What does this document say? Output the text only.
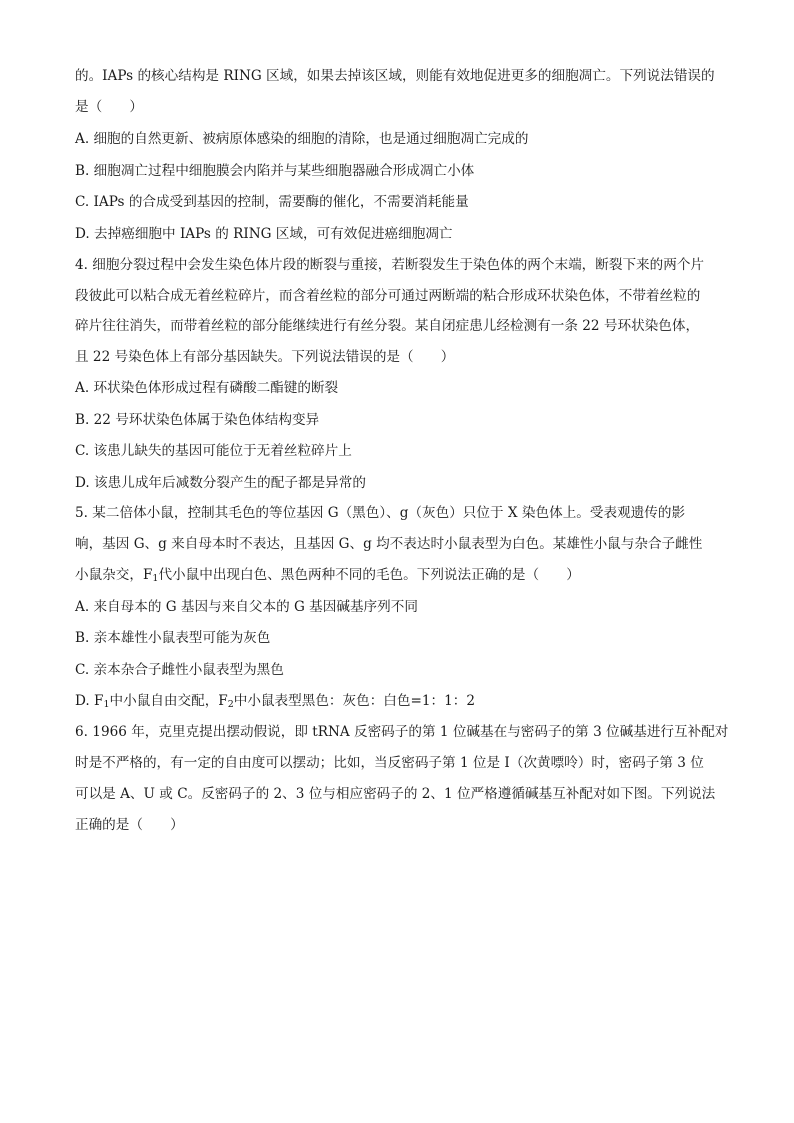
的。IAPs 的核心结构是 RING 区域，如果去掉该区域，则能有效地促进更多的细胞凋亡。下列说法错误的
是（　　）
A. 细胞的自然更新、被病原体感染的细胞的清除，也是通过细胞凋亡完成的
B. 细胞凋亡过程中细胞膜会内陷并与某些细胞器融合形成凋亡小体
C. IAPs 的合成受到基因的控制，需要酶的催化，不需要消耗能量
D. 去掉癌细胞中 IAPs 的 RING 区域，可有效促进癌细胞凋亡
4. 细胞分裂过程中会发生染色体片段的断裂与重接，若断裂发生于染色体的两个末端，断裂下来的两个片
段彼此可以粘合成无着丝粒碎片，而含着丝粒的部分可通过两断端的粘合形成环状染色体，不带着丝粒的
碎片往往消失，而带着丝粒的部分能继续进行有丝分裂。某自闭症患儿经检测有一条 22 号环状染色体，
且 22 号染色体上有部分基因缺失。下列说法错误的是（　　）
A. 环状染色体形成过程有磷酸二酯键的断裂
B. 22 号环状染色体属于染色体结构变异
C. 该患儿缺失的基因可能位于无着丝粒碎片上
D. 该患儿成年后减数分裂产生的配子都是异常的
5. 某二倍体小鼠，控制其毛色的等位基因 G（黑色）、g（灰色）只位于 X 染色体上。受表观遗传的影
响，基因 G、g 来自母本时不表达，且基因 G、g 均不表达时小鼠表型为白色。某雄性小鼠与杂合子雌性
小鼠杂交，$F_1$代小鼠中出现白色、黑色两种不同的毛色。下列说法正确的是（　　）
A. 来自母本的 G 基因与来自父本的 G 基因碱基序列不同
B. 亲本雄性小鼠表型可能为灰色
C. 亲本杂合子雌性小鼠表型为黑色
D. $F_1$中小鼠自由交配，$F_2$中小鼠表型黑色：灰色：白色=1：1：2
6. 1966 年，克里克提出摆动假说，即 tRNA 反密码子的第 1 位碱基在与密码子的第 3 位碱基进行互补配对
时是不严格的，有一定的自由度可以摆动；比如，当反密码子第 1 位是 I（次黄嘌呤）时，密码子第 3 位
可以是 A、U 或 C。反密码子的 2、3 位与相应密码子的 2、1 位严格遵循碱基互补配对如下图。下列说法
正确的是（　　）
